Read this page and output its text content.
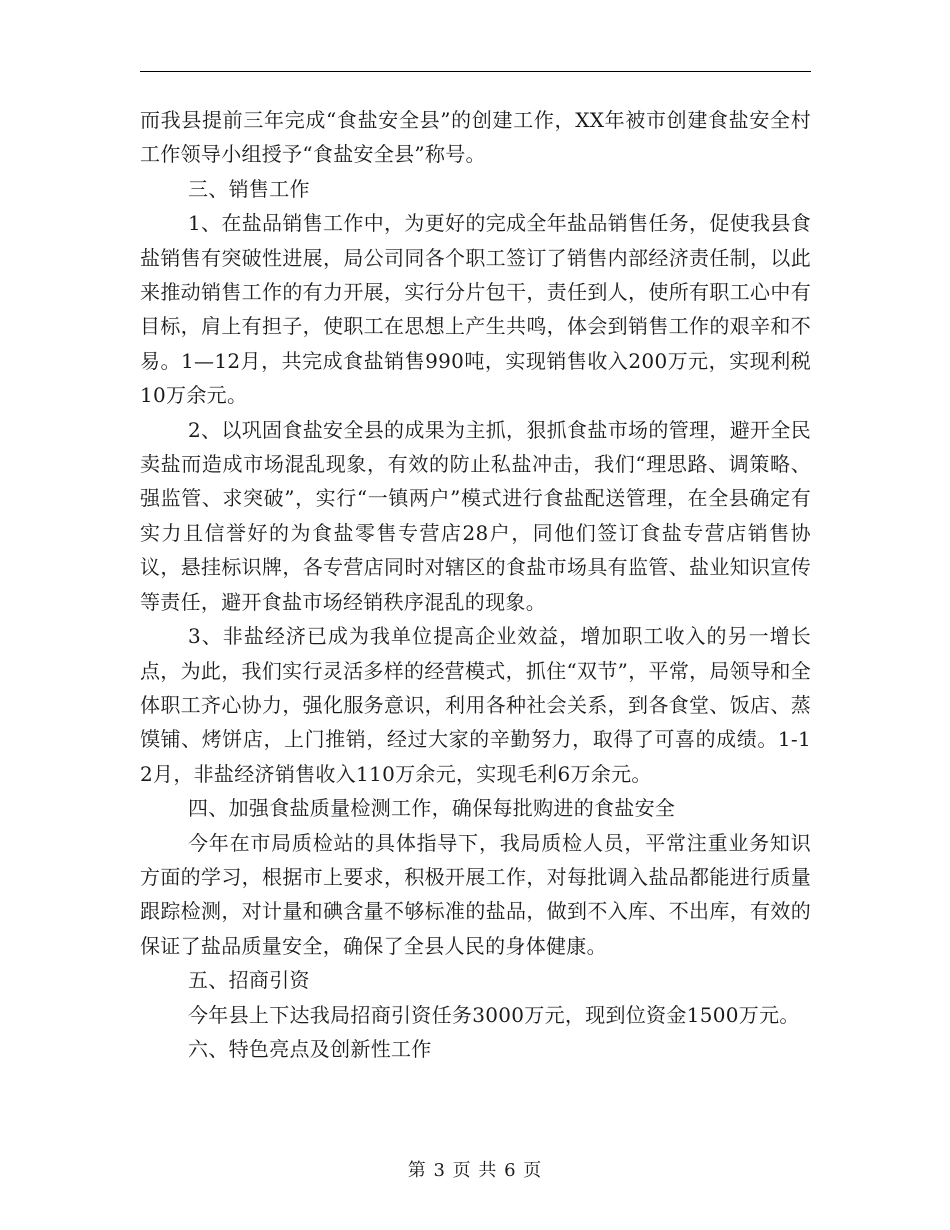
而我县提前三年完成“食盐安全县”的创建工作，XX年被市创建食盐安全村工作领导小组授予“食盐安全县”称号。

三、销售工作

1、在盐品销售工作中，为更好的完成全年盐品销售任务，促使我县食盐销售有突破性进展，局公司同各个职工签订了销售内部经济责任制，以此来推动销售工作的有力开展，实行分片包干，责任到人，使所有职工心中有目标，肩上有担子，使职工在思想上产生共鸣，体会到销售工作的艰辛和不易。1—12月，共完成食盐销售990吨，实现销售收入200万元，实现利税10万余元。

2、以巩固食盐安全县的成果为主抓，狠抓食盐市场的管理，避开全民卖盐而造成市场混乱现象，有效的防止私盐冲击，我们“理思路、调策略、强监管、求突破”，实行“一镇两户”模式进行食盐配送管理，在全县确定有实力且信誉好的为食盐零售专营店28户，同他们签订食盐专营店销售协议，悬挂标识牌，各专营店同时对辖区的食盐市场具有监管、盐业知识宣传等责任，避开食盐市场经销秩序混乱的现象。

3、非盐经济已成为我单位提高企业效益，增加职工收入的另一增长点，为此，我们实行灵活多样的经营模式，抓住“双节”，平常，局领导和全体职工齐心协力，强化服务意识，利用各种社会关系，到各食堂、饭店、蒸馍铺、烤饼店，上门推销，经过大家的辛勤努力，取得了可喜的成绩。1-12月，非盐经济销售收入110万余元，实现毛利6万余元。

四、加强食盐质量检测工作，确保每批购进的食盐安全

今年在市局质检站的具体指导下，我局质检人员，平常注重业务知识方面的学习，根据市上要求，积极开展工作，对每批调入盐品都能进行质量跟踪检测，对计量和碘含量不够标准的盐品，做到不入库、不出库，有效的保证了盐品质量安全，确保了全县人民的身体健康。

五、招商引资

今年县上下达我局招商引资任务3000万元，现到位资金1500万元。

六、特色亮点及创新性工作

第 3 页 共 6 页
